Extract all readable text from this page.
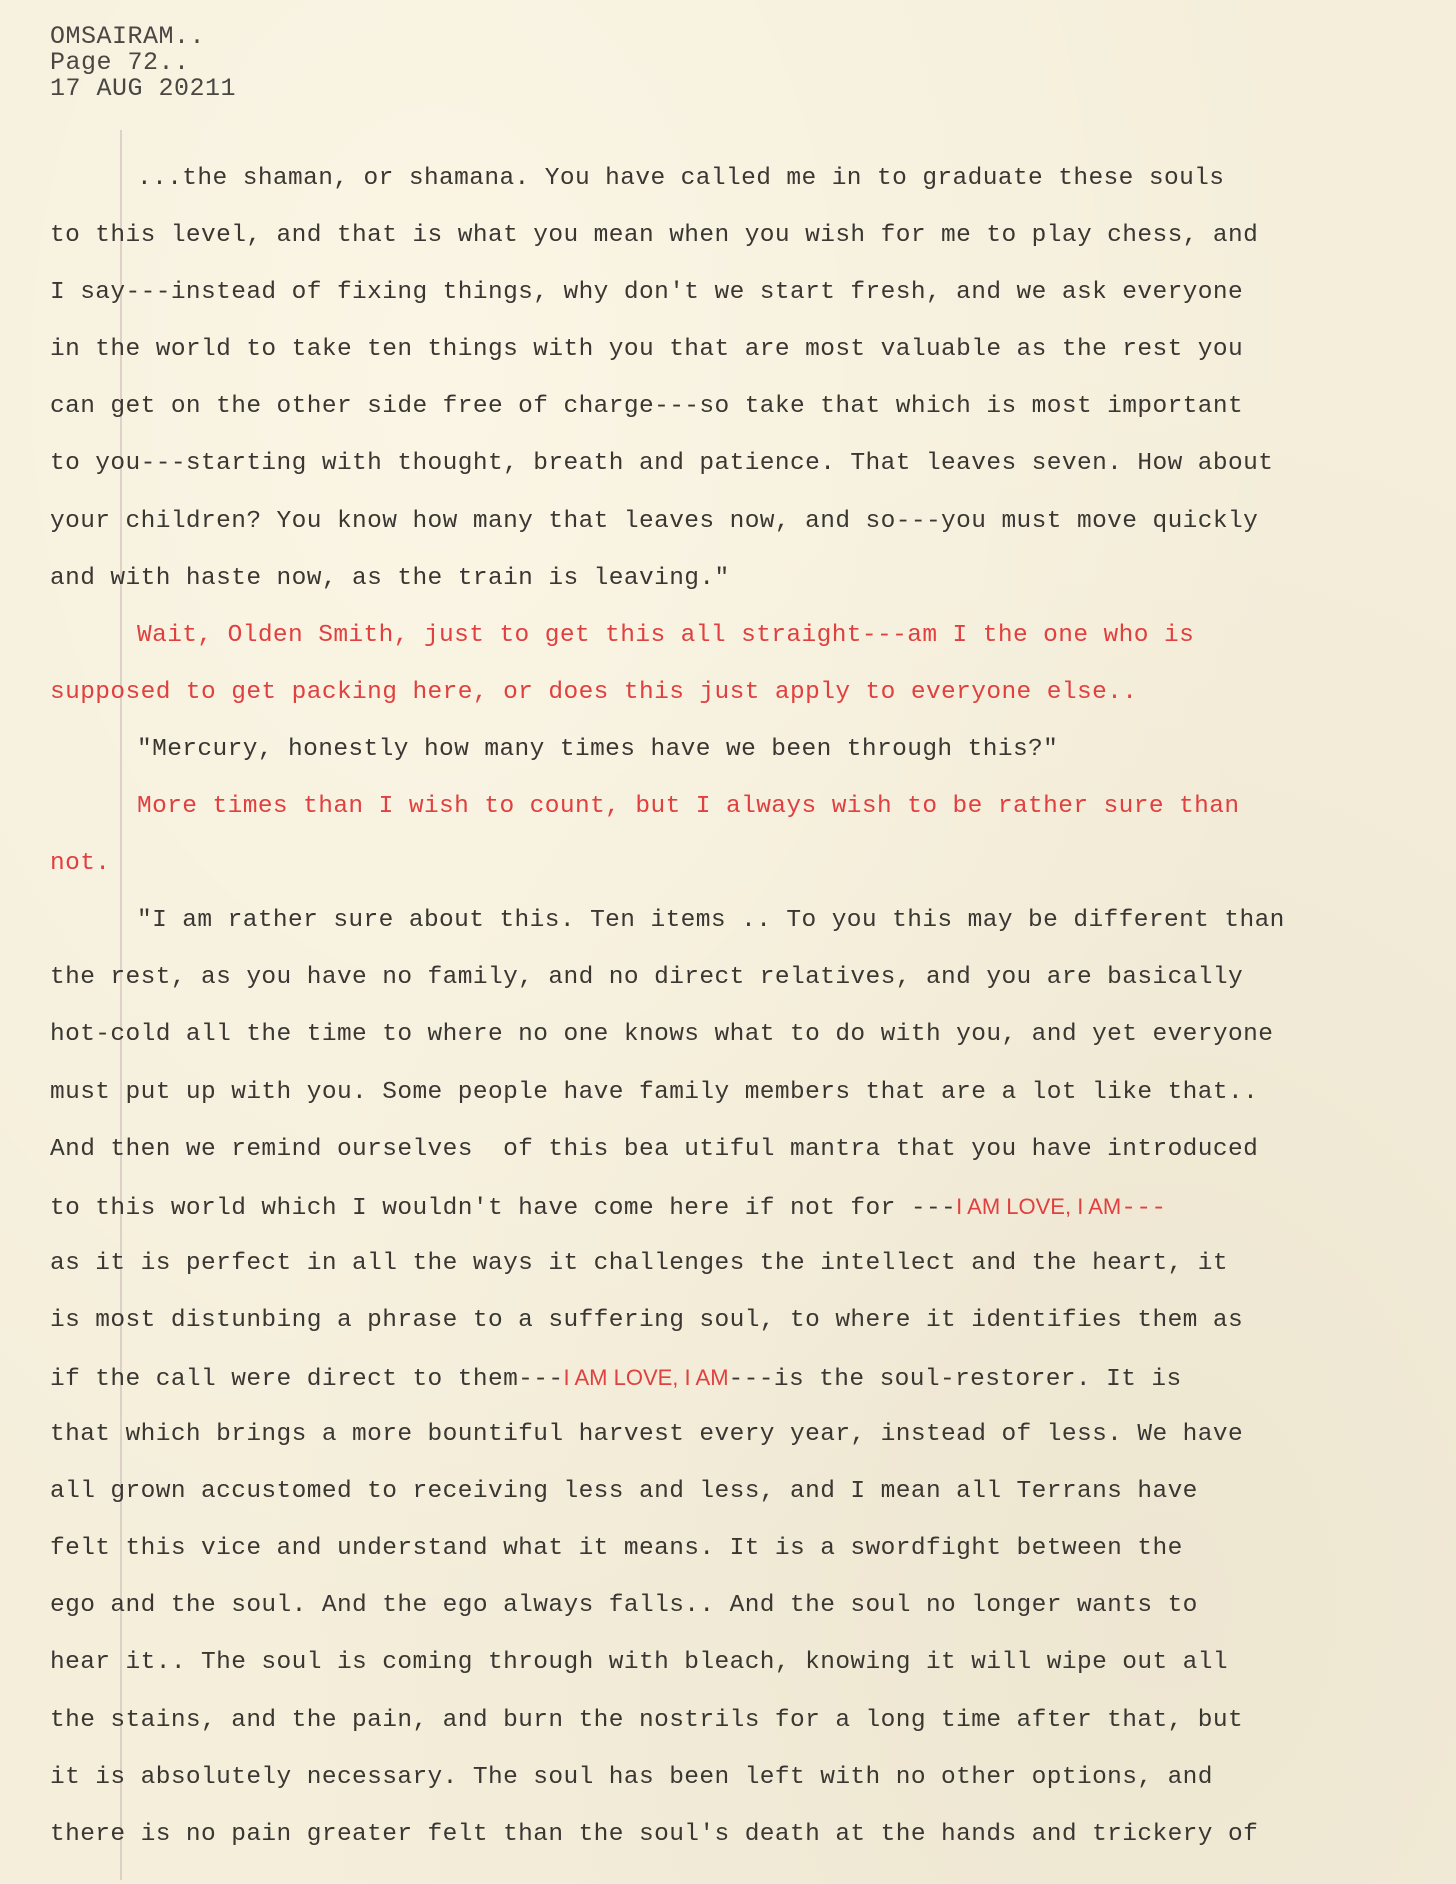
OMSAIRAM..
Page 72..
17 AUG 20211
...the shaman, or shamana. You have called me in to graduate these souls
to this level, and that is what you mean when you wish for me to play chess, and
I say---instead of fixing things, why don't we start fresh, and we ask everyone
in the world to take ten things with you that are most valuable as the rest you
can get on the other side free of charge---so take that which is most important
to you---starting with thought, breath and patience. That leaves seven. How about
your children? You know how many that leaves now, and so---you must move quickly
and with haste now, as the train is leaving."
Wait, Olden Smith, just to get this all straight---am I the one who is
supposed to get packing here, or does this just apply to everyone else..
"Mercury, honestly how many times have we been through this?"
More times than I wish to count, but I always wish to be rather sure than
not.
"I am rather sure about this. Ten items .. To you this may be different than
the rest, as you have no family, and no direct relatives, and you are basically
hot-cold all the time to where no one knows what to do with you, and yet everyone
must put up with you. Some people have family members that are a lot like that..
And then we remind ourselves  of this bea utiful mantra that you have introduced
to this world which I wouldn't have come here if not for ---I AM LOVE, I AM---
as it is perfect in all the ways it challenges the intellect and the heart, it
is most distunbing a phrase to a suffering soul, to where it identifies them as
if the call were direct to them---I AM LOVE, I AM---is the soul-restorer. It is
that which brings a more bountiful harvest every year, instead of less. We have
all grown accustomed to receiving less and less, and I mean all Terrans have
felt this vice and understand what it means. It is a swordfight between the
ego and the soul. And the ego always falls.. And the soul no longer wants to
hear it.. The soul is coming through with bleach, knowing it will wipe out all
the stains, and the pain, and burn the nostrils for a long time after that, but
it is absolutely necessary. The soul has been left with no other options, and
there is no pain greater felt than the soul's death at the hands and trickery of
